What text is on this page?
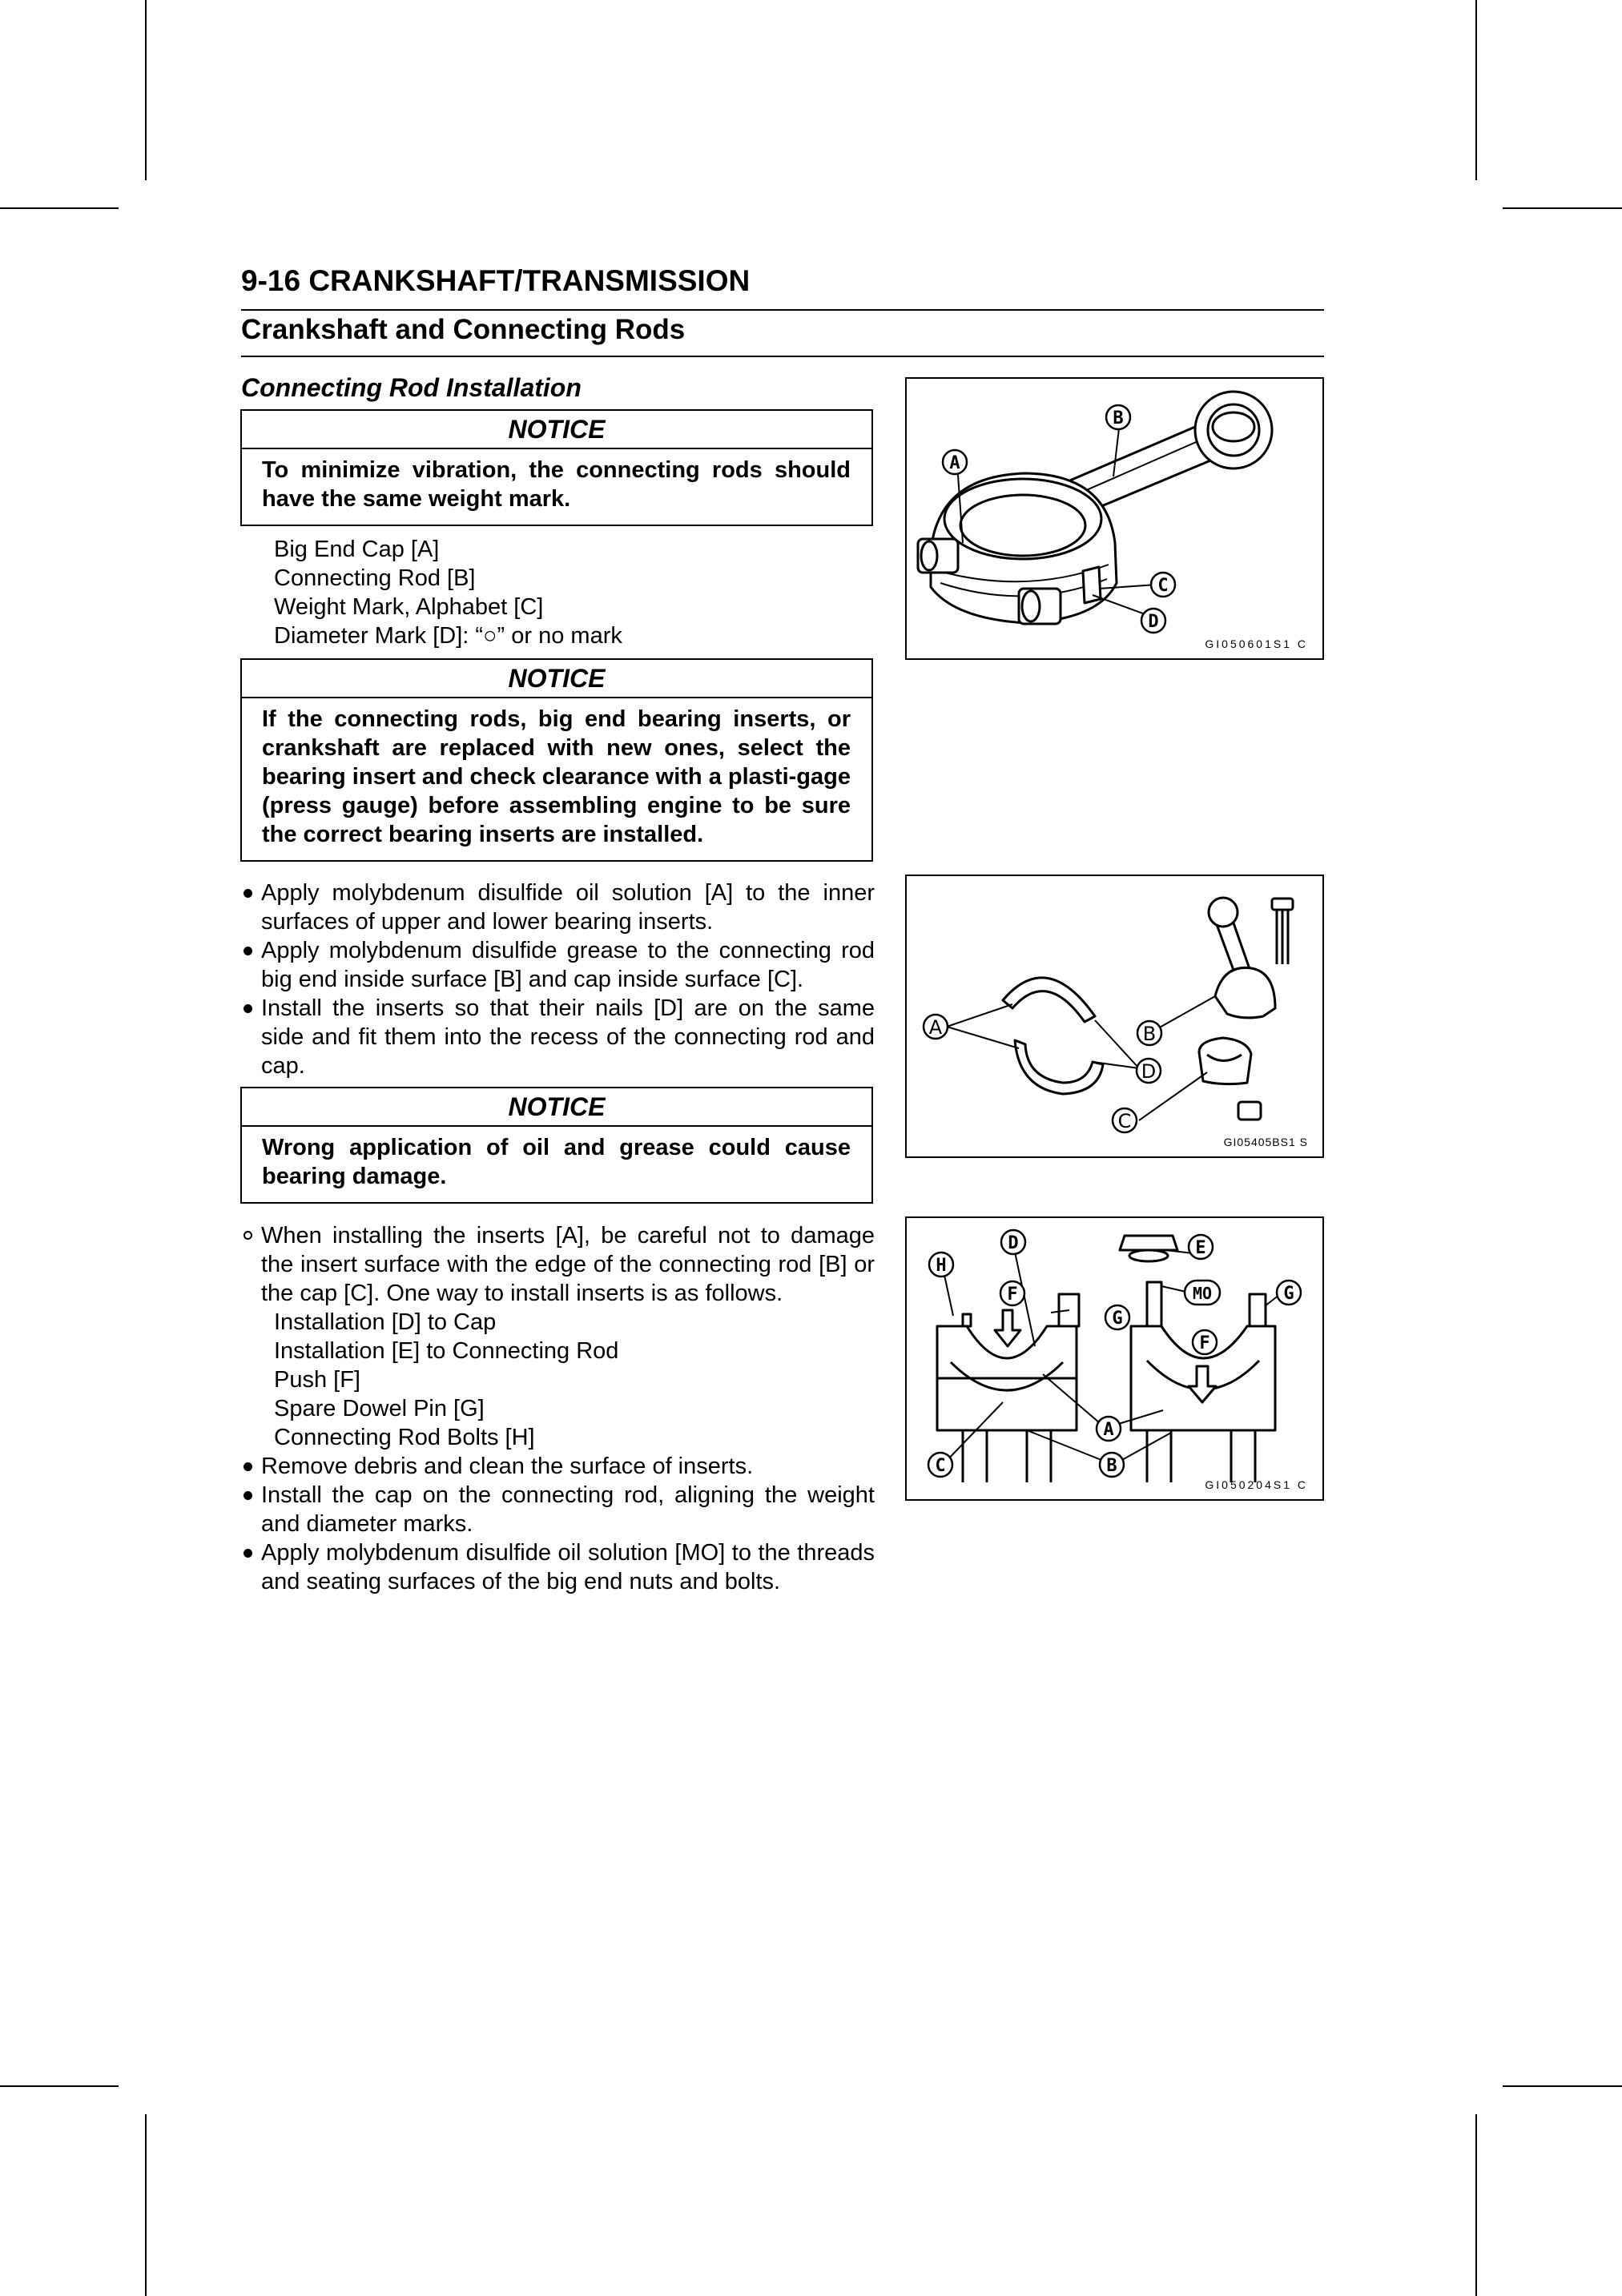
9-16 CRANKSHAFT/TRANSMISSION
Crankshaft and Connecting Rods
Connecting Rod Installation
NOTICE
To minimize vibration, the connecting rods should have the same weight mark.
Big End Cap [A]
Connecting Rod [B]
Weight Mark, Alphabet [C]
Diameter Mark [D]: “○” or no mark
NOTICE
If the connecting rods, big end bearing inserts, or crankshaft are replaced with new ones, select the bearing insert and check clearance with a plasti-gage (press gauge) before assembling engine to be sure the correct bearing inserts are installed.
Apply molybdenum disulfide oil solution [A] to the inner surfaces of upper and lower bearing inserts.
Apply molybdenum disulfide grease to the connecting rod big end inside surface [B] and cap inside surface [C].
Install the inserts so that their nails [D] are on the same side and fit them into the recess of the connecting rod and cap.
NOTICE
Wrong application of oil and grease could cause bearing damage.
When installing the inserts [A], be careful not to damage the insert surface with the edge of the connecting rod [B] or the cap [C]. One way to install inserts is as follows.
Installation [D] to Cap
Installation [E] to Connecting Rod
Push [F]
Spare Dowel Pin [G]
Connecting Rod Bolts [H]
Remove debris and clean the surface of inserts.
Install the cap on the connecting rod, aligning the weight and diameter marks.
Apply molybdenum disulfide oil solution [MO] to the threads and seating surfaces of the big end nuts and bolts.
A
B
C
D
GI050601S1 C
A	B
C
D
GI05405BS1 S
H
D
F
G
E
MO	G
F
A
C	B
GI050204S1 C
